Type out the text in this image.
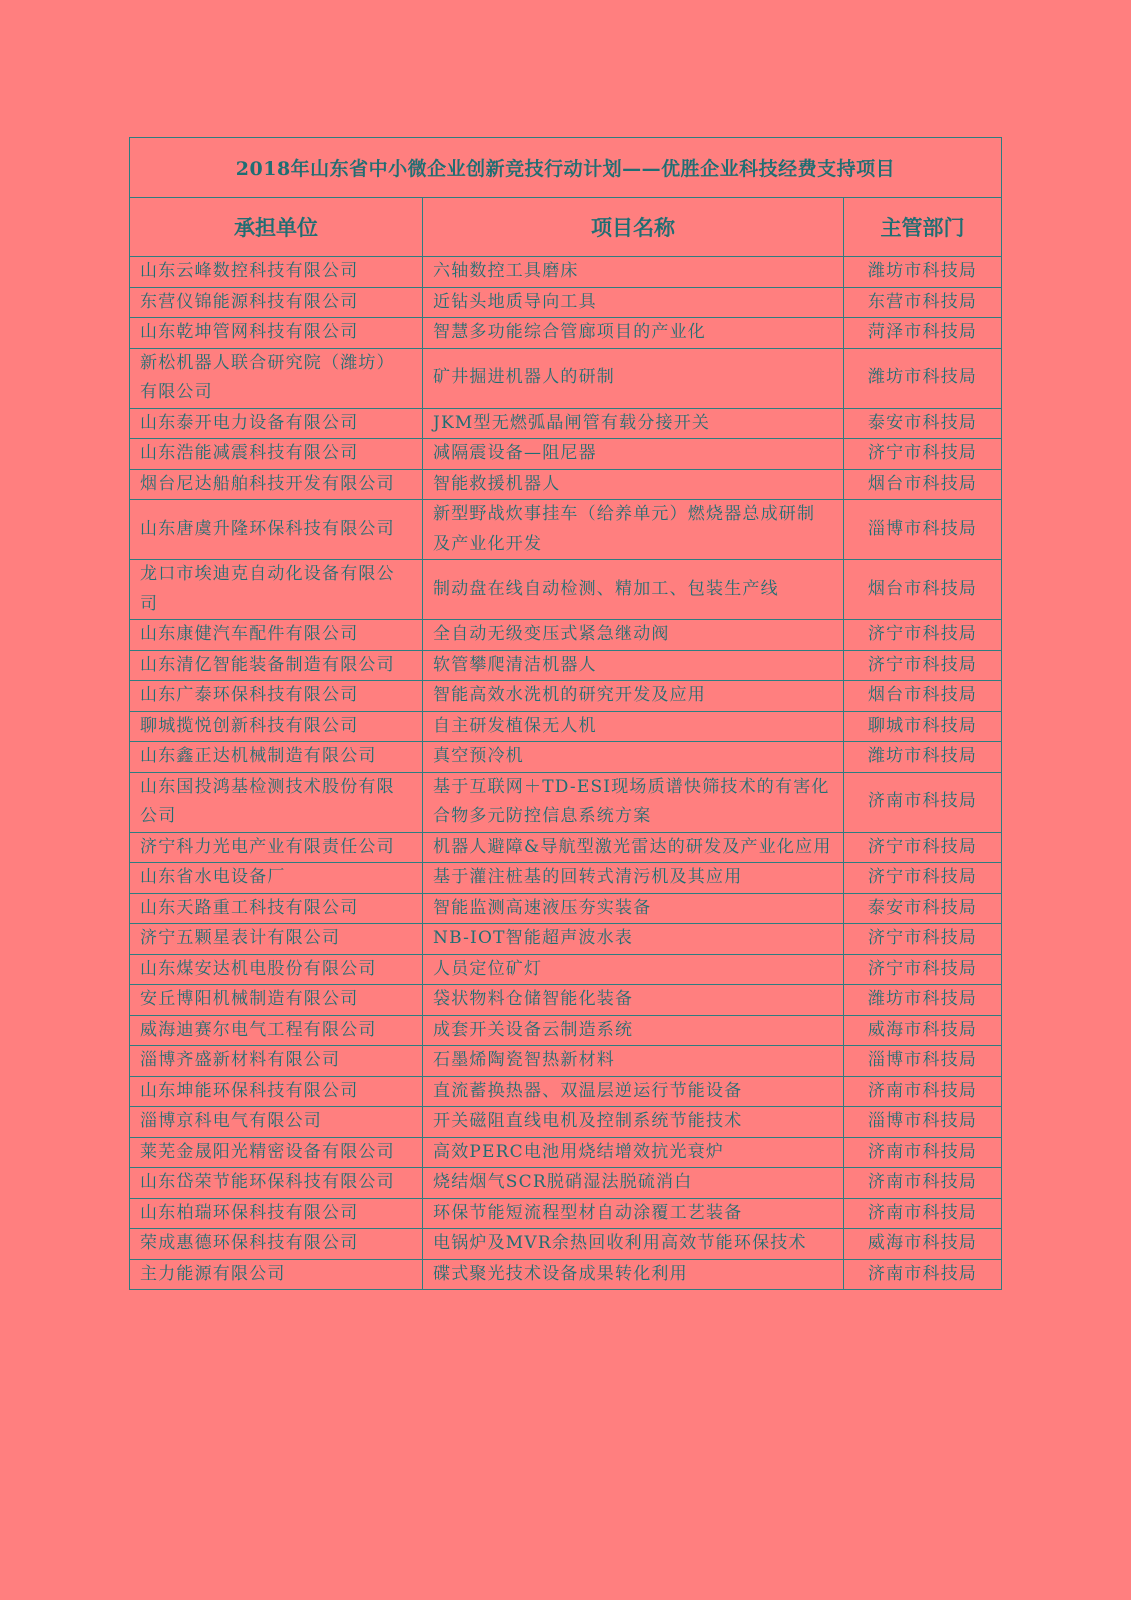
2018年山东省中小微企业创新竞技行动计划——优胜企业科技经费支持项目		
承担单位	项目名称	主管部门
山东云峰数控科技有限公司	六轴数控工具磨床	潍坊市科技局
东营仪锦能源科技有限公司	近钻头地质导向工具	东营市科技局
山东乾坤管网科技有限公司	智慧多功能综合管廊项目的产业化	菏泽市科技局
新松机器人联合研究院（潍坊）有限公司	矿井掘进机器人的研制	潍坊市科技局
山东泰开电力设备有限公司	JKM型无燃弧晶闸管有载分接开关	泰安市科技局
山东浩能减震科技有限公司	减隔震设备—阻尼器	济宁市科技局
烟台尼达船舶科技开发有限公司	智能救援机器人	烟台市科技局
山东唐虞升隆环保科技有限公司	新型野战炊事挂车（给养单元）燃烧器总成研制及产业化开发	淄博市科技局
龙口市埃迪克自动化设备有限公司	制动盘在线自动检测、精加工、包装生产线	烟台市科技局
山东康健汽车配件有限公司	全自动无级变压式紧急继动阀	济宁市科技局
山东清亿智能装备制造有限公司	软管攀爬清洁机器人	济宁市科技局
山东广泰环保科技有限公司	智能高效水洗机的研究开发及应用	烟台市科技局
聊城揽悦创新科技有限公司	自主研发植保无人机	聊城市科技局
山东鑫正达机械制造有限公司	真空预冷机	潍坊市科技局
山东国投鸿基检测技术股份有限公司	基于互联网＋TD-ESI现场质谱快筛技术的有害化合物多元防控信息系统方案	济南市科技局
济宁科力光电产业有限责任公司	机器人避障&导航型激光雷达的研发及产业化应用	济宁市科技局
山东省水电设备厂	基于灌注桩基的回转式清污机及其应用	济宁市科技局
山东天路重工科技有限公司	智能监测高速液压夯实装备	泰安市科技局
济宁五颗星表计有限公司	NB-IOT智能超声波水表	济宁市科技局
山东煤安达机电股份有限公司	人员定位矿灯	济宁市科技局
安丘博阳机械制造有限公司	袋状物料仓储智能化装备	潍坊市科技局
威海迪赛尔电气工程有限公司	成套开关设备云制造系统	威海市科技局
淄博齐盛新材料有限公司	石墨烯陶瓷智热新材料	淄博市科技局
山东坤能环保科技有限公司	直流蓄换热器、双温层逆运行节能设备	济南市科技局
淄博京科电气有限公司	开关磁阻直线电机及控制系统节能技术	淄博市科技局
莱芜金晟阳光精密设备有限公司	高效PERC电池用烧结增效抗光衰炉	济南市科技局
山东岱荣节能环保科技有限公司	烧结烟气SCR脱硝湿法脱硫消白	济南市科技局
山东柏瑞环保科技有限公司	环保节能短流程型材自动涂覆工艺装备	济南市科技局
荣成惠德环保科技有限公司	电锅炉及MVR余热回收利用高效节能环保技术	威海市科技局
主力能源有限公司	碟式聚光技术设备成果转化利用	济南市科技局
